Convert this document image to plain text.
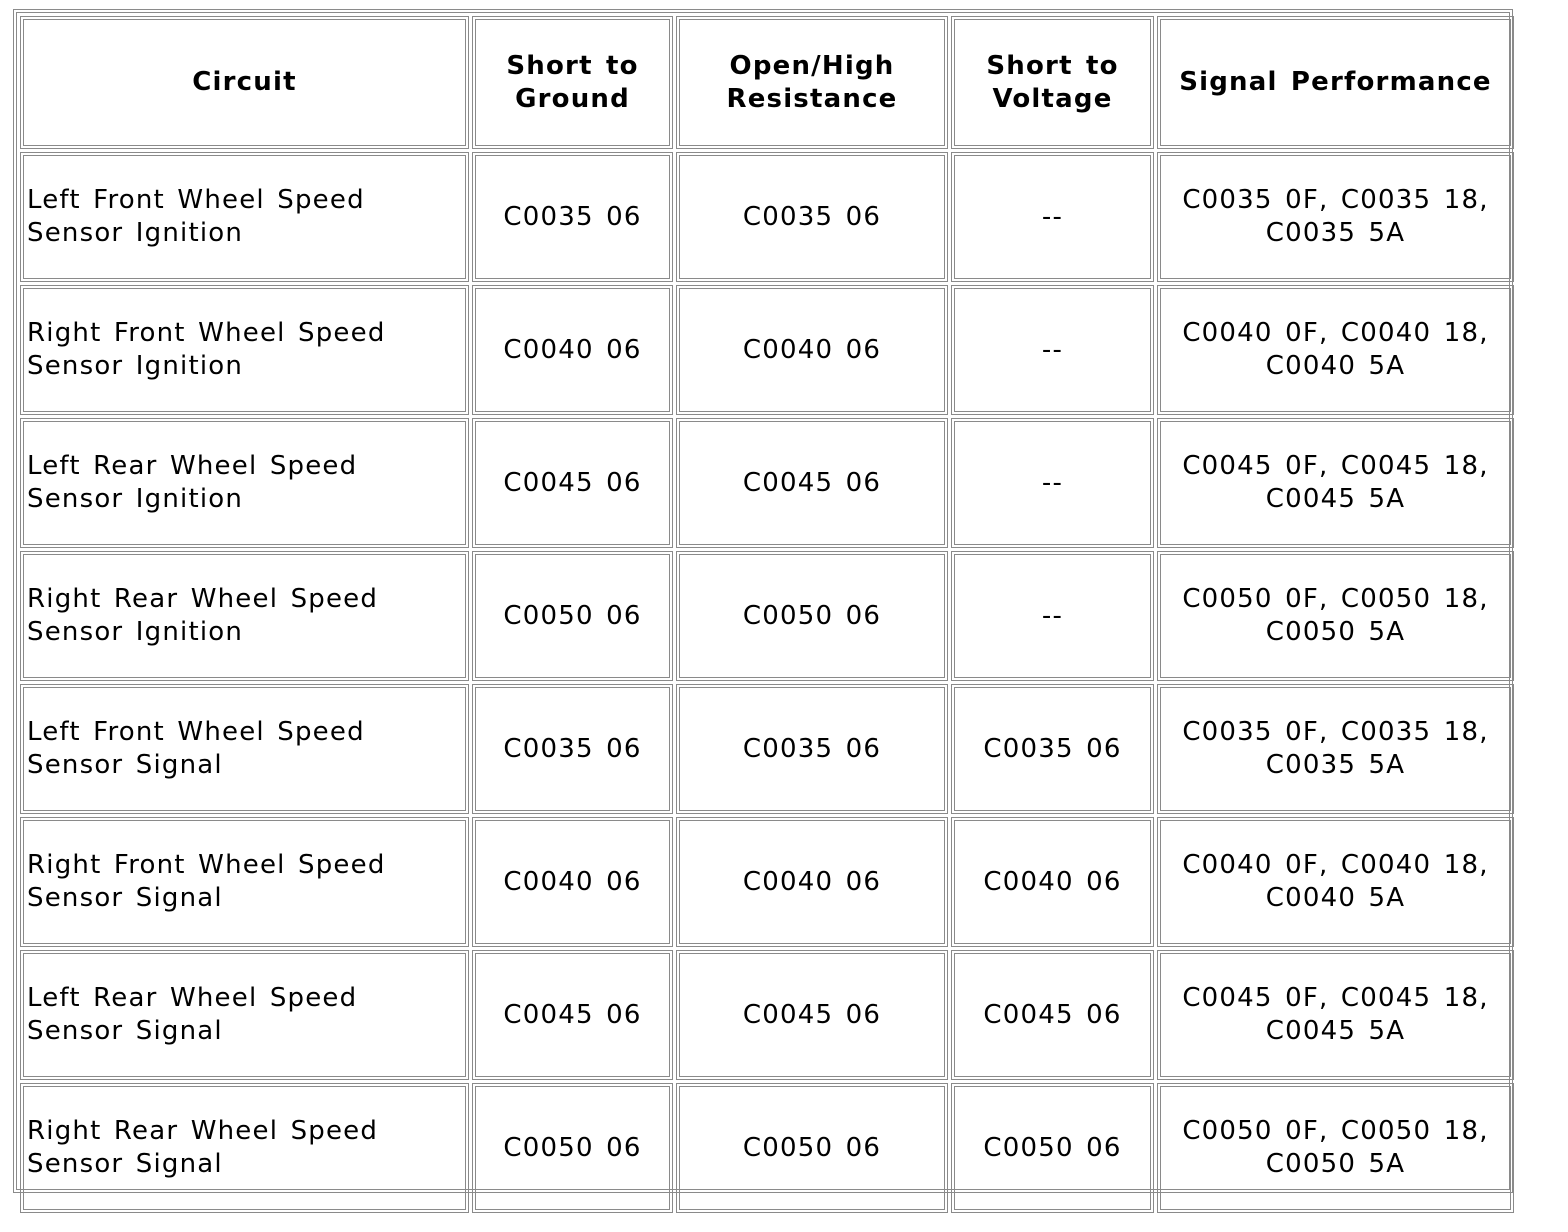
Circuit	Short to Ground	Open/High Resistance	Short to Voltage	Signal Performance
Left Front Wheel Speed Sensor Ignition	C0035 06	C0035 06	--	C0035 0F, C0035 18, C0035 5A
Right Front Wheel Speed Sensor Ignition	C0040 06	C0040 06	--	C0040 0F, C0040 18, C0040 5A
Left Rear Wheel Speed Sensor Ignition	C0045 06	C0045 06	--	C0045 0F, C0045 18, C0045 5A
Right Rear Wheel Speed Sensor Ignition	C0050 06	C0050 06	--	C0050 0F, C0050 18, C0050 5A
Left Front Wheel Speed Sensor Signal	C0035 06	C0035 06	C0035 06	C0035 0F, C0035 18, C0035 5A
Right Front Wheel Speed Sensor Signal	C0040 06	C0040 06	C0040 06	C0040 0F, C0040 18, C0040 5A
Left Rear Wheel Speed Sensor Signal	C0045 06	C0045 06	C0045 06	C0045 0F, C0045 18, C0045 5A
Right Rear Wheel Speed Sensor Signal	C0050 06	C0050 06	C0050 06	C0050 0F, C0050 18, C0050 5A
